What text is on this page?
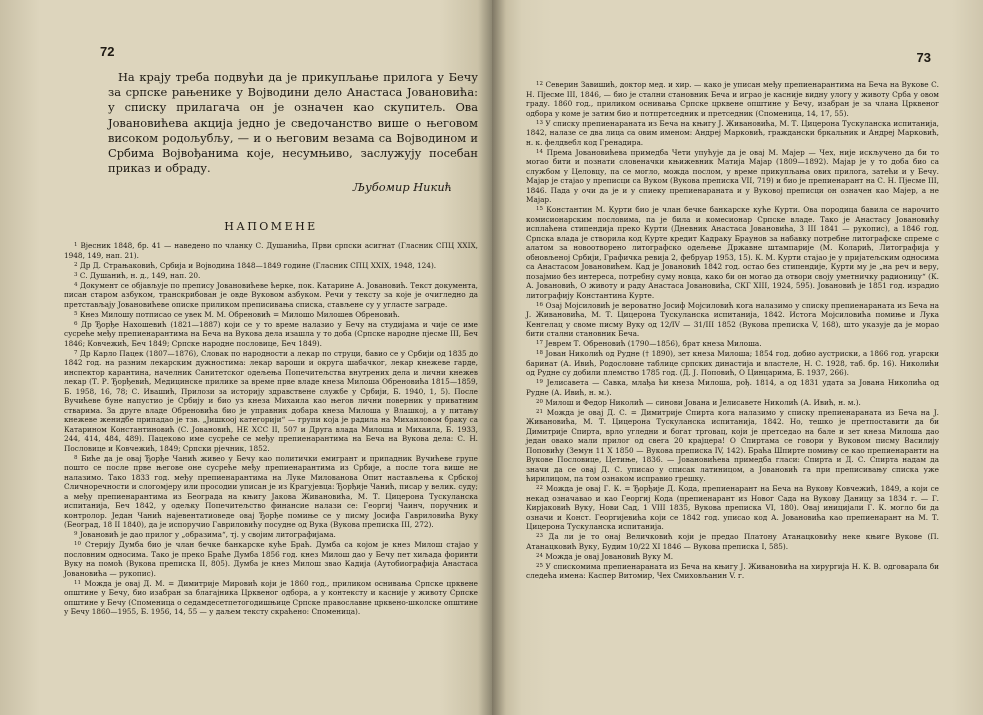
72

На крају треба подвући да је прикупљање прилога у Бечу за српске рањенике у Војводини дело Анастаса Јовановића: у списку прилагача он је означен као скупитељ. Ова Јовановићева акција једно је сведочанство више о његовом високом родољубљу, — и о његовим везама са Војводином и Србима Војвођанима које, несумњиво, заслужују посебан приказ и обраду.

Љубомир Никић
НАПОМЕНЕ

$^1$ Вјесник 1848, бр. 41 — наведено по чланку С. Душанића, Први српски асигнат (Гласник СПЦ XXIX, 1948, 149, нап. 21).

$^2$ Др Д. Страњаковић, Србија и Војводина 1848—1849 године (Гласник СПЦ XXIX, 1948, 124).

$^3$ С. Душанић, н. д., 149, нап. 20.

$^4$ Документ се објављује по препису Јовановићеве ћерке, пок. Катарине А. Јовановић. Текст документа, писан старом азбуком, транскрибован је овде Вуковом азбуком. Речи у тексту за које је очигледно да претстављају Јовановићеве описке приликом преписивања списка, стављене су у угласте заграде.

$^5$ Кнез Милошу потписао се увек М. М. Обреновић = Милошо Милошев Обреновић.

$^6$ Др Ђорђе Нахошевић (1821—1887) који се у то време налазио у Бечу на студијама и чије се име сусреће међу препиенарантима на Беча на Вукова дела изашла у то доба (Српске народне пјесме III, Беч 1846; Ковчежић, Беч 1849; Српске народне пословице, Беч 1849).

$^7$ Др Карло Пацек (1807—1876), Словак по народности а лекар по струци, бавио се у Србији од 1835 до 1842 год. на разним лекарским дужностима: лекар вароши и округа шабачког, лекар кнежеве гарде, инспектор карантина, начелник Санитетског одељења Попечитељства внутрених дела и лични кнежев лекар (Т. Р. Ђорђевић, Медицинске прилике за време прве владе кнеза Милоша Обреновића 1815—1859, Б. 1958, 16, 78; С. Ивашић, Прилози за историју здравствене службе у Србији, Б. 1940, 1, 5). После Вучићеве буне напустио је Србију и био уз кнеза Михаила као његов лични поверник у приватним стварима. За друге владе Обреновића био је управник добара кнеза Милоша у Влашкој, а у питању кнежеве женидбе припадао је тзв. „Јишкоој категорији“ — групи која је радила на Михаиловом браку са Катарином Константиновић (С. Јовановић, НЕ ХСС II, 507 и Друга влада Милоша и Михаила, Б. 1933, 244, 414, 484, 489). Пацеково име сусреће се међу препиенарантима на Беча на Вукова дела: С. Н. Пословице и Ковчежић, 1849; Српски рјечник, 1852.

$^8$ Биће да је овај Ђорђе Чанић живео у Бечу као политички емигрант и припадник Вучићеве групе пошто се после прве његове оне сусреће међу препиенарантима из Србије, а после тога више не налазимо. Тако 1833 год. међу препиенарантима на Луке Милованова Опит настављења к Србској Сличноречности и слогомјеру или просодии уписан је из Крагујевца: Ђорђије Чанић, писар у велик. суду; а међу препиенарантима из Београда на књигу Јакова Живановића, М. Т. Цицерона Тускуланска испитанија, Беч 1842, у одељку Попечитељство финансие налази се: Георгиј Чаинч, поручник и контролор. Један Чанић најевентатиоведе овај Ђорђе помиње се у писму Јосифа Гавриловића Вуку (Београд, 18 II 1840), да је испоручио Гавриловићу посудне од Вука (Вукова преписка III, 272).

$^9$ Јовановић је дао прилог у „образима“, тј. у својим литографијама.

$^{10}$ Стерију Думба био је члан бечке банкарске куће Браћ. Думба са којом је кнез Милош стајао у пословним односима. Тако је преко Браће Думба 1856 год. кнез Милош дао у Бечу пет хиљада форинти Вуку на помоћ (Вукова преписка II, 805). Думба је кнез Милош звао Кадија (Аутобиографија Анастаса Јовановића — рукопис).

$^{11}$ Можда је овај Д. М. = Димитрије Мировић који је 1860 год., приликом оснивања Српске црквене општине у Бечу, био изабран за благајника Црквеног одбора, а у контексту и касније у животу Српске општине у Бечу (Споменица о седамдесетпетогодишњице Српске православне црквено-школске општине у Бечу 1860—1955, Б. 1956, 14, 55 — у даљем тексту скраћено: Споменица).

73

$^{12}$ Северин Завишић, доктор мед. и хир. — како је уписан међу препиенарантима на Беча на Вукове С. Н. Пјесме III, 1846, — био је стални становник Беча и играо је касније видну улогу у животу Срба у овом граду. 1860 год., приликом оснивања Српске црквене општине у Бечу, изабран је за члана Црквеног одбора у коме је затим био и потпретседник и претседник (Споменица, 14, 17, 55).

$^{13}$ У списку препиенараната из Беча на књигу Ј. Живановића, М. Т. Цицерона Тускуланска испитанија, 1842, налазе се два лица са овим именом: Андреј Марковић, граждански бркальник и Андреј Марковић, н. к. фелдвебл код Гренадира.

$^{14}$ Према Јовановићева примедба Чети упућује да је овај М. Мајер — Чех, није искључено да би то могао бити и познати словеначки књижевник Матија Мајар (1809—1892). Мајар је у то доба био са службом у Целовцу, па се могло, можда послом, у време прикупљања ових прилога, затећи и у Бечу. Мајар је стајао у преписци са Вуком (Вукова преписка VII, 719) и био је препиенарант на С. Н. Пјесме III, 1846. Пада у очи да је и у спиеку препиенараната и у Вуковој преписци он означен као Мајер, а не Мајар.

$^{15}$ Константин М. Курти био је члан бечке банкарске куће Курти. Ова породица бавила се нарочито комисионарским пословима, па је била и комесионар Српске владе. Тако је Анастасу Јовановићу исплаћена стипендија преко Курти (Дневник Анастаса Јовановића, 3 III 1841 — рукопис), а 1846 год. Српска влада је створила код Курте кредит Кадраку Браунов за набавку потребне литографске спреме с алатом за новоотворено литографско одељење Државне штампарије (М. Коларић, Литографија у обновљеној Србији, Графичка ревија 2, фебруар 1953, 15). К. М. Курти стајао је у пријатељским односима са Анастасом Јовановићем. Кад је Јовановић 1842 год. остао без стипендије, Курти му је „на реч и веру, позајмио без интереса, потребну суму новца, како би он могао да отвори своју уметничку радионицу“ (К. А. Јовановић, О животу и раду Анастаса Јовановића, СКГ XIII, 1924, 595). Јовановић је 1851 год. израдио литографију Константина Курте.

$^{16}$ Озаj Мојсиловић је вероватно Јосиф Мојсиловић кога налазимо у списку препиенараната из Беча на Ј. Живановића, М. Т. Цицерона Тускуланска испитанија, 1842. Истога Мојсиловића помиње и Лука Кенгелац у своме писму Вуку од 12/IV — 31/III 1852 (Вукова преписка V, 168), што указује да је морао бити стални становник Беча.

$^{17}$ Јеврем Т. Обреновић (1790—1856), брат кнеза Милоша.

$^{18}$ Јован Николић од Рудне († 1890), зет кнеза Милоша; 1854 год. добио аустриски, а 1866 год. угарски баринат (А. Ивић, Родословне таблице српских династија и властеле, Н. С. 1928, таб. бр. 16). Николићи од Рудне су добили племство 1785 год. (Д. Ј. Поповић, О Цинцарима, Б. 1937, 266).

$^{19}$ Јелисавета — Савка, млађа ћи кнеза Милоша, рођ. 1814, а од 1831 удата за Јована Николића од Рудне (А. Ивић, н. м.).

$^{20}$ Милош и Федор Николић — синови Јована и Јелисавете Николић (А. Ивић, н. м.).

$^{21}$ Можда је овај Д. С. = Димитрије Спирта кога налазимо у списку препиенараната из Беча на Ј. Живановића, М. Т. Цицерона Тускуланска испитанија, 1842. Но, тешко је претпоставити да би Димитрије Спирта, врло угледни и богат трговац, који је претседао на бале и зет кнеза Милоша дао један овако мали прилог од свега 20 крајцера! О Спиртама се говори у Вуковом писму Василију Поповићу (Земун 11 Х 1850 — Вукова преписка IV, 142). Браћа Шпирте помињу се као препиенаранти на Вукове Пословице, Цетиње, 1836. — Јовановићева примедба гласи: Спирта и Д. С. Спирта надам да значи да се овај Д. С. уписао у списак латиницом, а Јовановић га при преписивању списка уже ћирилицом, па том ознаком исправио грешку.

$^{22}$ Можда је овај Г. К. = Ђорђије Д. Кода, препиенарант на Беча на Вукову Ковчежић, 1849, а који се некад означавао и као Георгиј Кода (препиенарант из Новог Сада на Вукову Даницу за 1834 г. — Г. Кирјаковић Вуку, Нови Сад, 1 VIII 1835, Вукова преписка VI, 180). Овај иницијали Г. К. могло би да означи и Конст. Георгијевића који се 1842 год. уписао код А. Јовановића као препиенарант на М. Т. Цицерона Тускуланска испитанија.

$^{23}$ Да ли је то онај Величковић који је предао Платону Атанацковићу неке књиге Вукове (П. Атанацковић Вуку, Будим 10/22 XI 1846 — Вукова преписка I, 585).

$^{24}$ Можда је овај Јовановић Вуку М.

$^{25}$ У спискомима препиенараната из Беча на књигу Ј. Живановића на хирургија Н. К. В. одговарала би следећа имена: Каспер Витомир, Чех Смиховљанин V. г.
